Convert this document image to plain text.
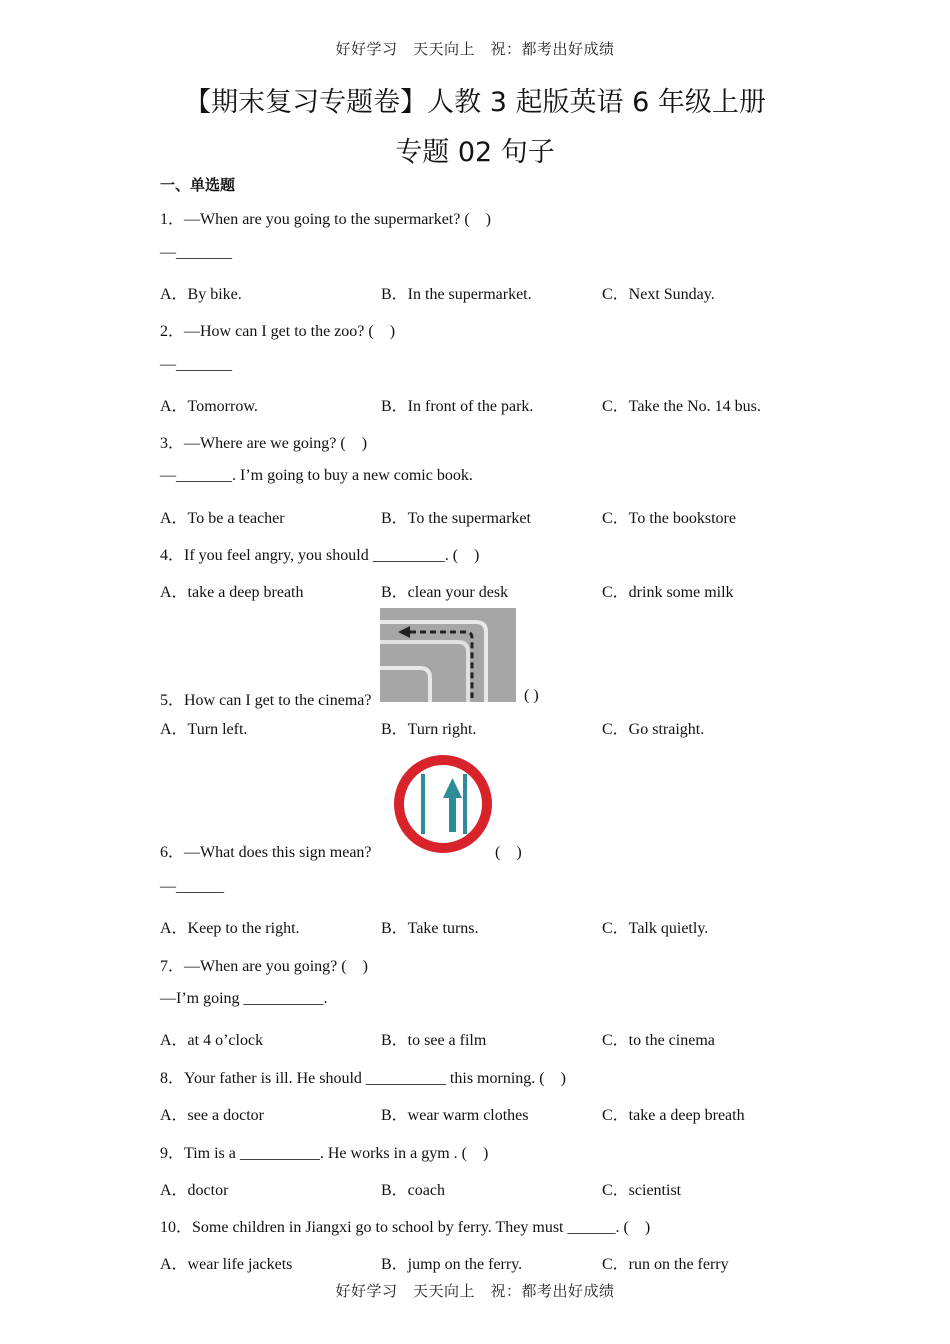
好好学习　天天向上　祝：都考出好成绩
【期末复习专题卷】人教 3 起版英语 6 年级上册
专题 02 句子
一、单选题
1．—When are you going to the supermarket? (　)
—_______
A．By bike.	B．In the supermarket.	C．Next Sunday.
2．—How can I get to the zoo? (　)
—_______
A．Tomorrow.	B．In front of the park.	C．Take the No. 14 bus.
3．—Where are we going? (　)
—_______. I’m going to buy a new comic book.
A．To be a teacher	B．To the supermarket	C．To the bookstore
4．If you feel angry, you should _________. (　)
A．take a deep breath	B．clean your desk	C．drink some milk
5．How can I get to the cinema?	( )
A．Turn left.	B．Turn right.	C．Go straight.
6．—What does this sign mean?	(　)
—______
A．Keep to the right.	B．Take turns.	C．Talk quietly.
7．—When are you going? (　)
—I’m going __________.
A．at 4 o’clock	B．to see a film	C．to the cinema
8．Your father is ill. He should __________ this morning. (　)
A．see a doctor	B．wear warm clothes	C．take a deep breath
9．Tim is a __________. He works in a gym . (　)
A．doctor	B．coach	C．scientist
10．Some children in Jiangxi go to school by ferry. They must ______. (　)
A．wear life jackets	B．jump on the ferry.	C．run on the ferry
好好学习　天天向上　祝：都考出好成绩
